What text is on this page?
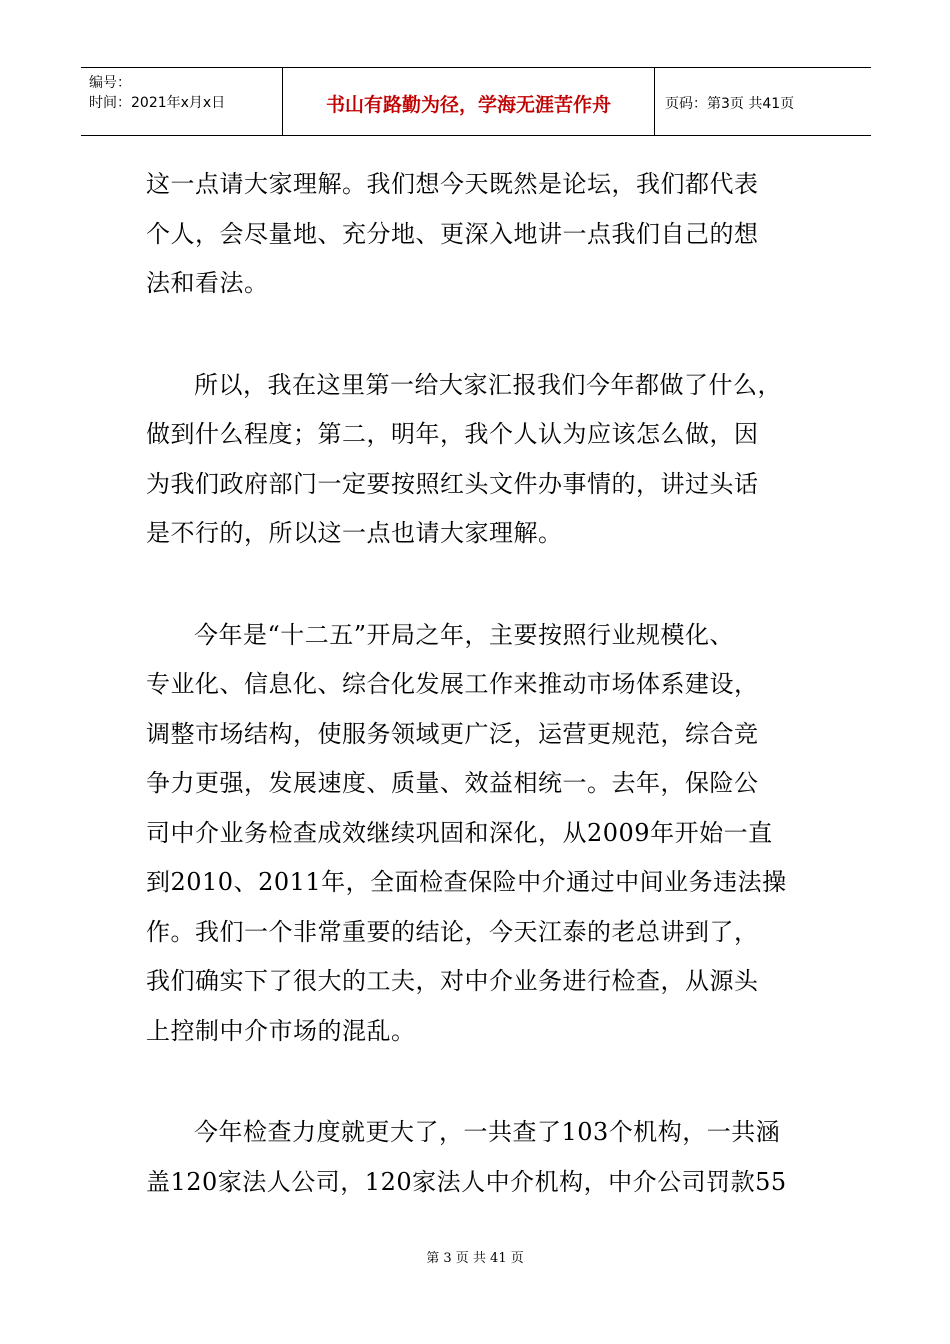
编号：
时间：2021年x月x日	书山有路勤为径，学海无涯苦作舟	页码：第3页 共41页

这一点请大家理解。我们想今天既然是论坛，我们都代表
个人，会尽量地、充分地、更深入地讲一点我们自己的想
法和看法。

所以，我在这里第一给大家汇报我们今年都做了什么，
做到什么程度；第二，明年，我个人认为应该怎么做，因
为我们政府部门一定要按照红头文件办事情的，讲过头话
是不行的，所以这一点也请大家理解。

今年是“十二五”开局之年，主要按照行业规模化、
专业化、信息化、综合化发展工作来推动市场体系建设，
调整市场结构，使服务领域更广泛，运营更规范，综合竞
争力更强，发展速度、质量、效益相统一。去年，保险公
司中介业务检查成效继续巩固和深化，从2009年开始一直
到2010、2011年，全面检查保险中介通过中间业务违法操
作。我们一个非常重要的结论，今天江泰的老总讲到了，
我们确实下了很大的工夫，对中介业务进行检查，从源头
上控制中介市场的混乱。

今年检查力度就更大了，一共查了103个机构，一共涵
盖120家法人公司，120家法人中介机构，中介公司罚款55

第 3 页 共 41 页
